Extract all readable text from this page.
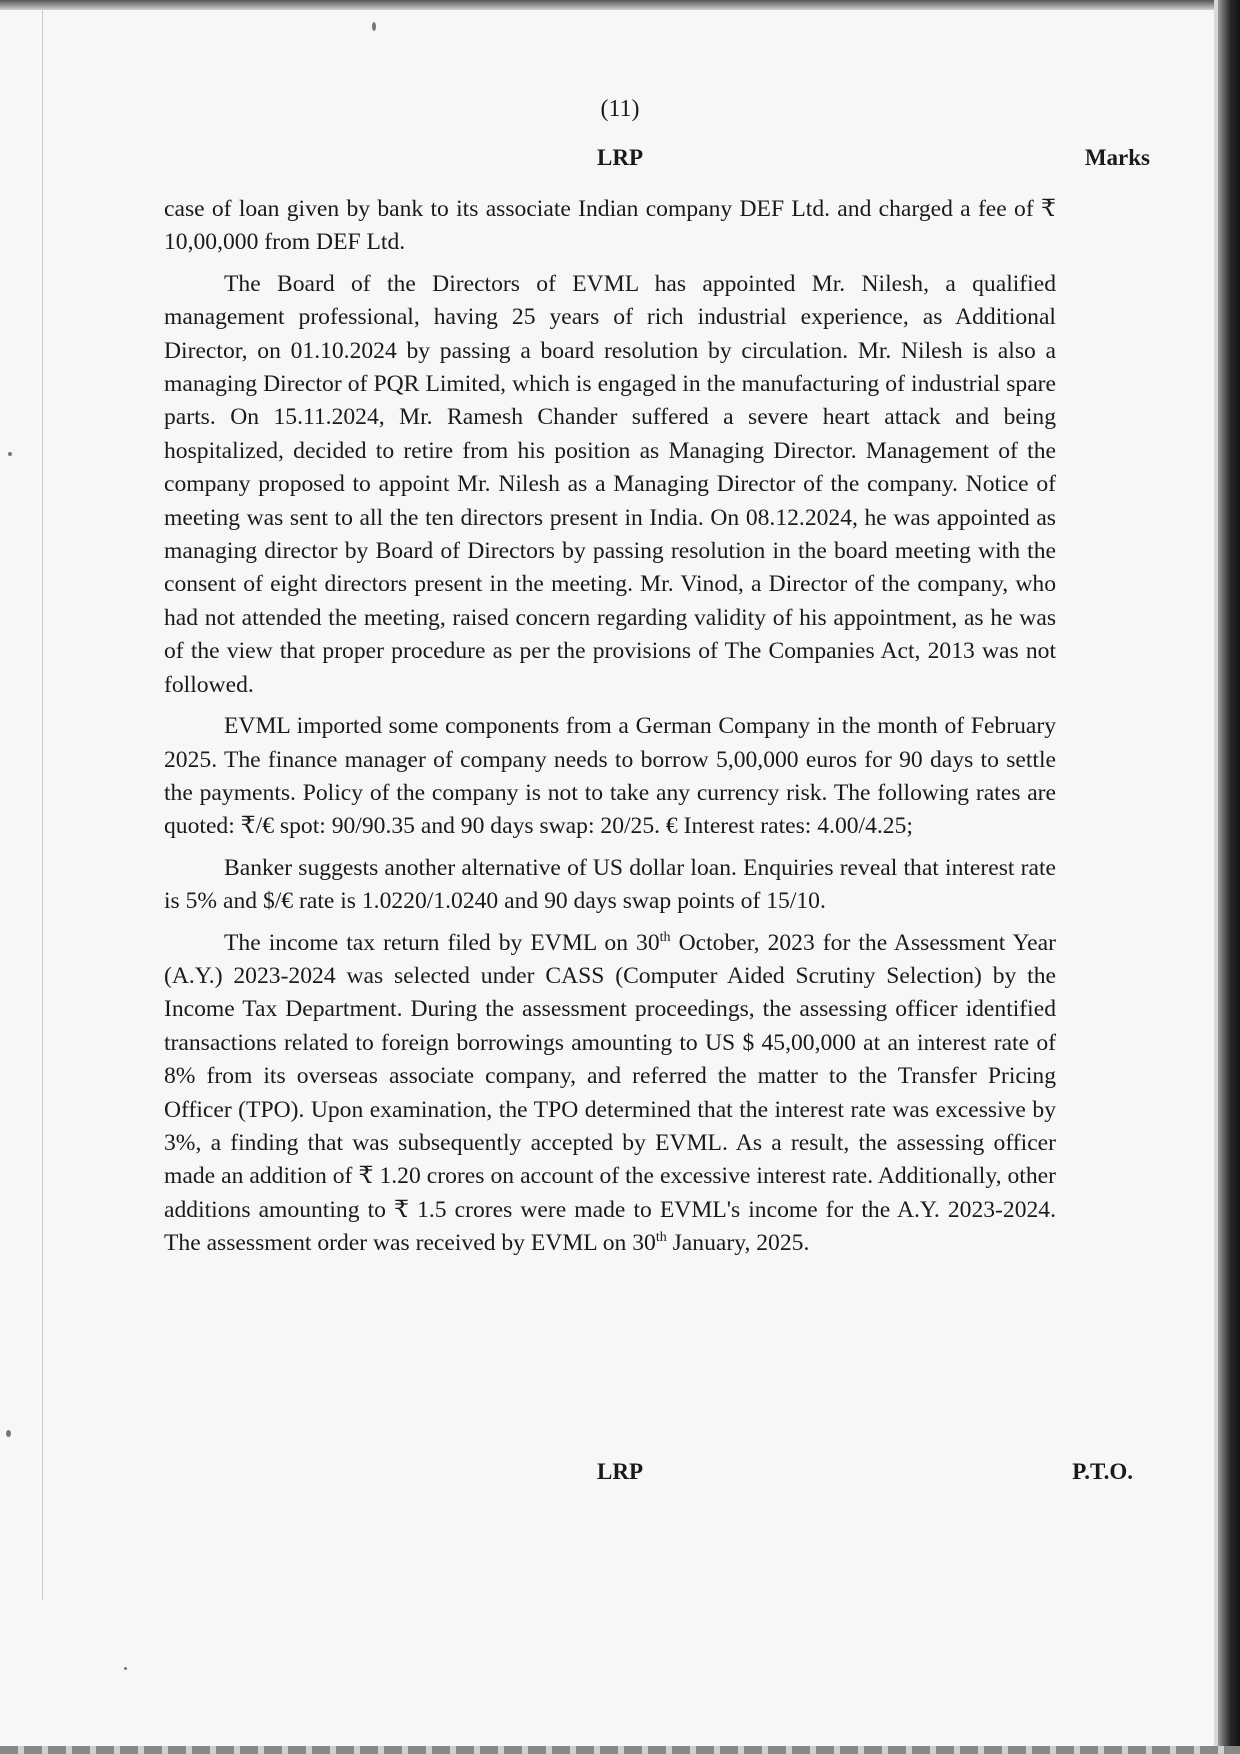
(11)
LRP	Marks

case of loan given by bank to its associate Indian company DEF Ltd. and charged a fee of ₹ 10,00,000 from DEF Ltd.

The Board of the Directors of EVML has appointed Mr. Nilesh, a qualified management professional, having 25 years of rich industrial experience, as Additional Director, on 01.10.2024 by passing a board resolution by circulation. Mr. Nilesh is also a managing Director of PQR Limited, which is engaged in the manufacturing of industrial spare parts. On 15.11.2024, Mr. Ramesh Chander suffered a severe heart attack and being hospitalized, decided to retire from his position as Managing Director. Management of the company proposed to appoint Mr. Nilesh as a Managing Director of the company. Notice of meeting was sent to all the ten directors present in India. On 08.12.2024, he was appointed as managing director by Board of Directors by passing resolution in the board meeting with the consent of eight directors present in the meeting. Mr. Vinod, a Director of the company, who had not attended the meeting, raised concern regarding validity of his appointment, as he was of the view that proper procedure as per the provisions of The Companies Act, 2013 was not followed.

EVML imported some components from a German Company in the month of February 2025. The finance manager of company needs to borrow 5,00,000 euros for 90 days to settle the payments. Policy of the company is not to take any currency risk. The following rates are quoted: ₹/€ spot: 90/90.35 and 90 days swap: 20/25. € Interest rates: 4.00/4.25;

Banker suggests another alternative of US dollar loan. Enquiries reveal that interest rate is 5% and $/€ rate is 1.0220/1.0240 and 90 days swap points of 15/10.

The income tax return filed by EVML on 30th October, 2023 for the Assessment Year (A.Y.) 2023-2024 was selected under CASS (Computer Aided Scrutiny Selection) by the Income Tax Department. During the assessment proceedings, the assessing officer identified transactions related to foreign borrowings amounting to US $ 45,00,000 at an interest rate of 8% from its overseas associate company, and referred the matter to the Transfer Pricing Officer (TPO). Upon examination, the TPO determined that the interest rate was excessive by 3%, a finding that was subsequently accepted by EVML. As a result, the assessing officer made an addition of ₹ 1.20 crores on account of the excessive interest rate. Additionally, other additions amounting to ₹ 1.5 crores were made to EVML's income for the A.Y. 2023-2024. The assessment order was received by EVML on 30th January, 2025.

LRP	P.T.O.
